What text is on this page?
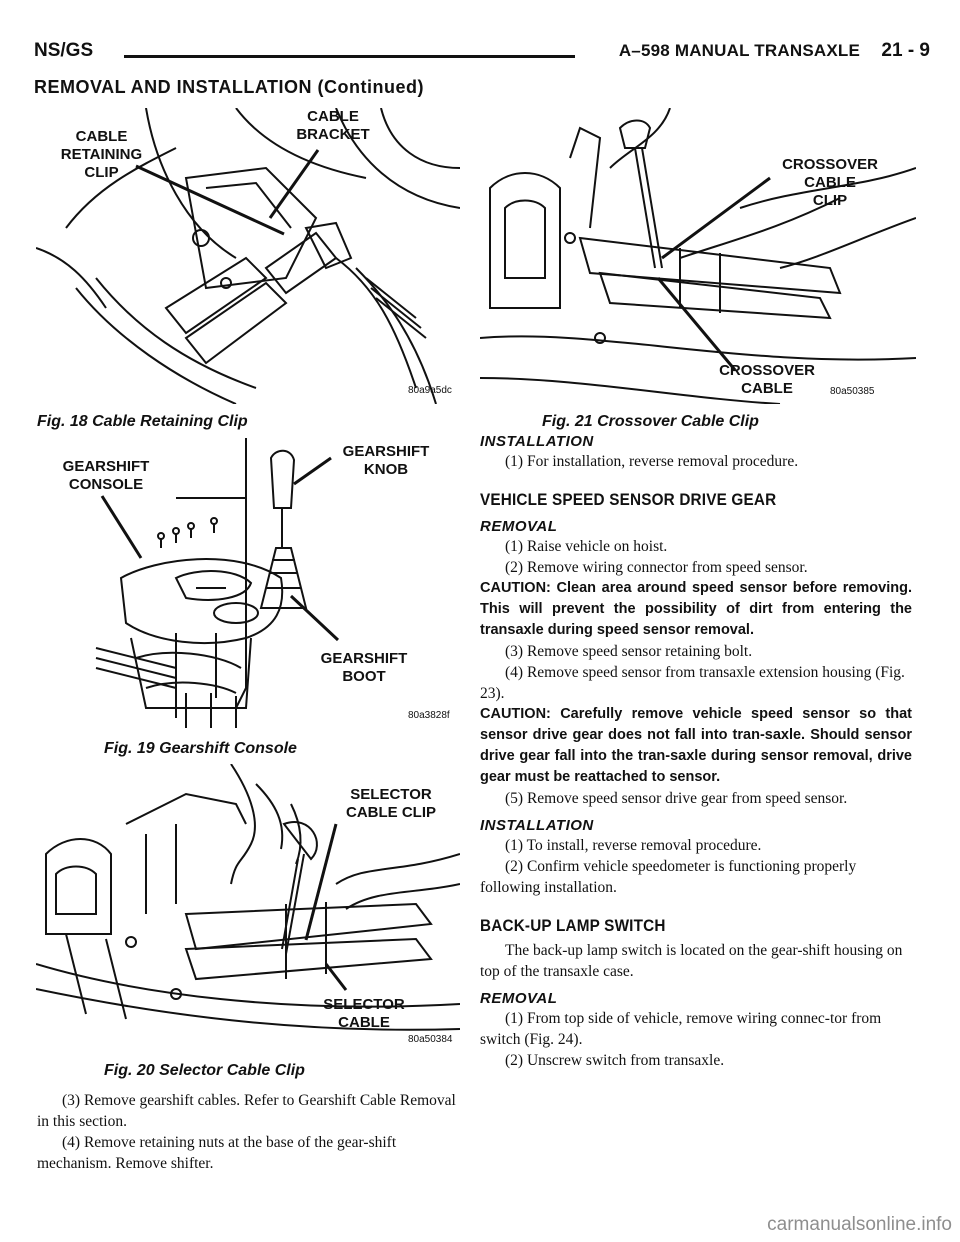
NS/GS	A–598 MANUAL TRANSAXLE 21 - 9
REMOVAL AND INSTALLATION (Continued)
CABLE
RETAINING
CLIP
CABLE
BRACKET
80a9a5dc
Fig. 18 Cable Retaining Clip
GEARSHIFT
CONSOLE
GEARSHIFT
KNOB
GEARSHIFT
BOOT
80a3828f
Fig. 19 Gearshift Console
SELECTOR
CABLE CLIP
SELECTOR
CABLE
80a50384
Fig. 20 Selector Cable Clip

(3) Remove gearshift cables. Refer to Gearshift Cable Removal in this section.

(4) Remove retaining nuts at the base of the gear-shift mechanism. Remove shifter.

CROSSOVER
CABLE
CLIP
CROSSOVER
CABLE	80a50385
Fig. 21 Crossover Cable Clip
INSTALLATION

(1) For installation, reverse removal procedure.

VEHICLE SPEED SENSOR DRIVE GEAR
REMOVAL

(1) Raise vehicle on hoist.

(2) Remove wiring connector from speed sensor.

CAUTION: Clean area around speed sensor before removing. This will prevent the possibility of dirt from entering the transaxle during speed sensor removal.

(3) Remove speed sensor retaining bolt.

(4) Remove speed sensor from transaxle extension housing (Fig. 23).

CAUTION: Carefully remove vehicle speed sensor so that sensor drive gear does not fall into tran-saxle. Should sensor drive gear fall into the tran-saxle during sensor removal, drive gear must be reattached to sensor.

(5) Remove speed sensor drive gear from speed sensor.

INSTALLATION

(1) To install, reverse removal procedure.

(2) Confirm vehicle speedometer is functioning properly following installation.

BACK-UP LAMP SWITCH

The back-up lamp switch is located on the gear-shift housing on top of the transaxle case.

REMOVAL

(1) From top side of vehicle, remove wiring connec-tor from switch (Fig. 24).

(2) Unscrew switch from transaxle.

carmanualsonline.info
